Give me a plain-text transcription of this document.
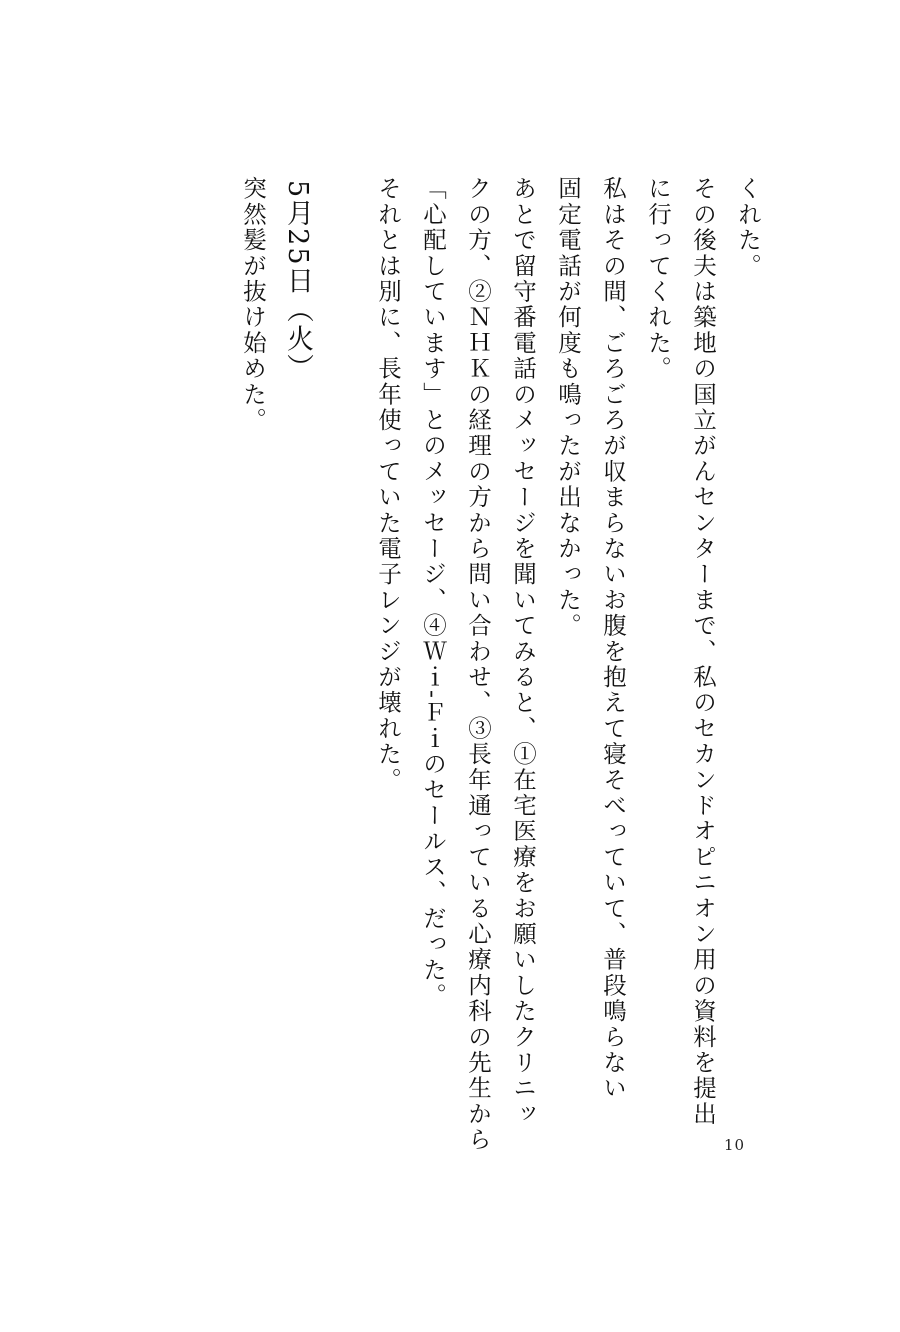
くれた。
その後夫は築地の国立がんセンターまで、私のセカンドオピニオン用の資料を提出
に行ってくれた。
私はその間、ごろごろが収まらないお腹を抱えて寝そべっていて、普段鳴らない
固定電話が何度も鳴ったが出なかった。
あとで留守番電話のメッセージを聞いてみると、①在宅医療をお願いしたクリニッ
クの方、②ＮＨＫの経理の方から問い合わせ、③長年通っている心療内科の先生から
「心配しています」とのメッセージ、④Ｗｉ‐Ｆｉのセールス、だった。
それとは別に、長年使っていた電子レンジが壊れた。
5月25日（火）
突然髪が抜け始めた。
10
